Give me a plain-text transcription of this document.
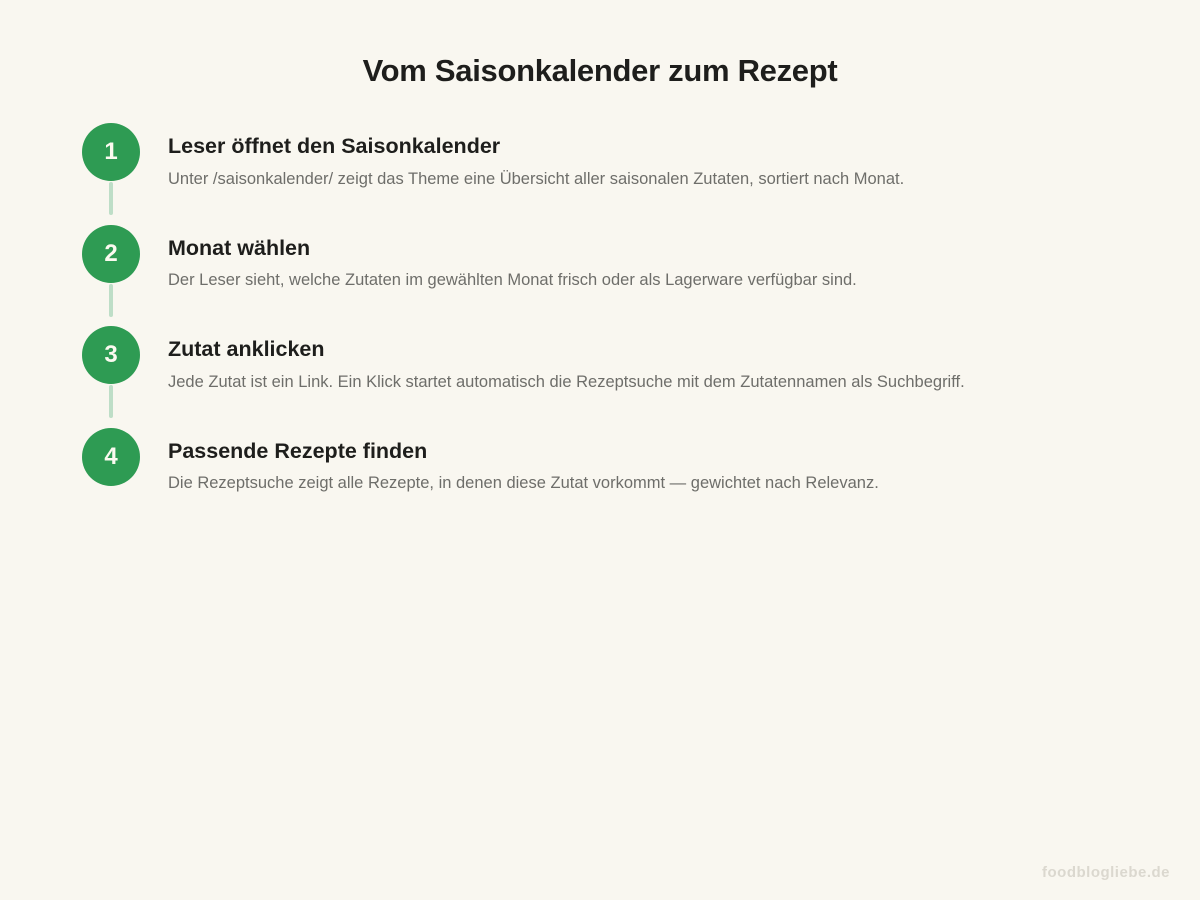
Vom Saisonkalender zum Rezept
1	Leser öffnet den Saisonkalender
Unter /saisonkalender/ zeigt das Theme eine Übersicht aller saisonalen Zutaten, sortiert nach Monat.
2	Monat wählen
Der Leser sieht, welche Zutaten im gewählten Monat frisch oder als Lagerware verfügbar sind.
3	Zutat anklicken
Jede Zutat ist ein Link. Ein Klick startet automatisch die Rezeptsuche mit dem Zutatennamen als Suchbegriff.
4	Passende Rezepte finden
Die Rezeptsuche zeigt alle Rezepte, in denen diese Zutat vorkommt — gewichtet nach Relevanz.
foodblogliebe.de
